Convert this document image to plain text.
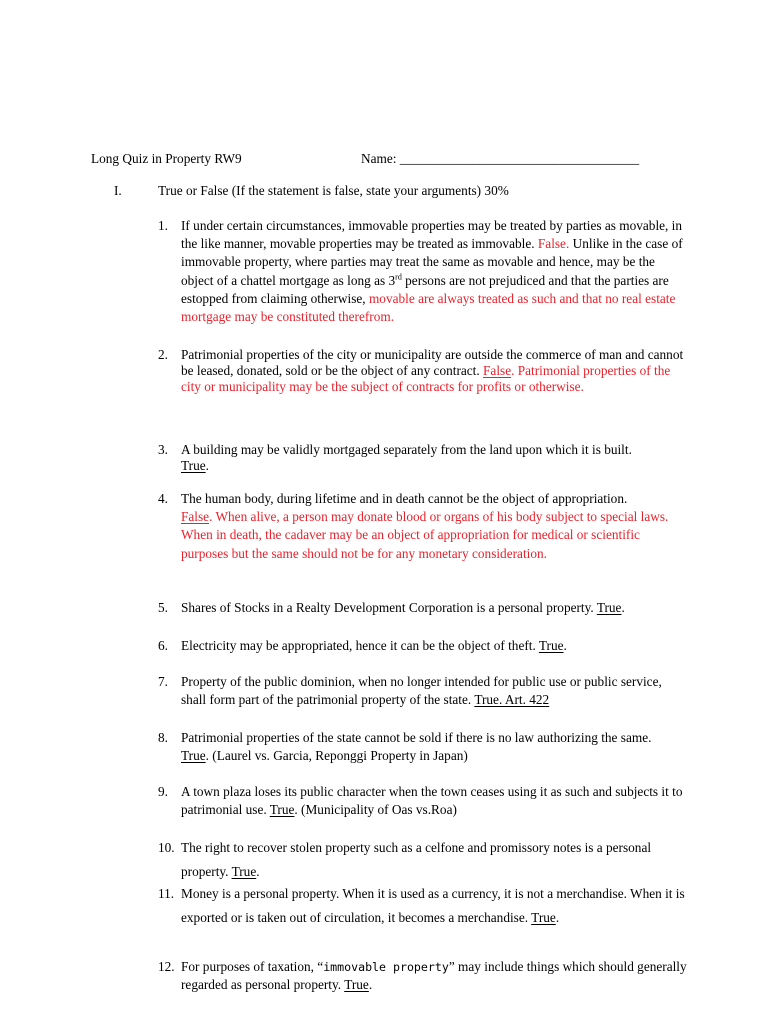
Long Quiz in Property RW9	Name: ____________________________________
I.	True or False (If the statement is false, state your arguments) 30%
1. If under certain circumstances, immovable properties may be treated by parties as movable, in the like manner, movable properties may be treated as immovable. False. Unlike in the case of immovable property, where parties may treat the same as movable and hence, may be the object of a chattel mortgage as long as 3rd persons are not prejudiced and that the parties are estopped from claiming otherwise, movable are always treated as such and that no real estate mortgage may be constituted therefrom.
2. Patrimonial properties of the city or municipality are outside the commerce of man and cannot be leased, donated, sold or be the object of any contract. False. Patrimonial properties of the city or municipality may be the subject of contracts for profits or otherwise.
3. A building may be validly mortgaged separately from the land upon which it is built.
True.
4. The human body, during lifetime and in death cannot be the object of appropriation.
False. When alive, a person may donate blood or organs of his body subject to special laws. When in death, the cadaver may be an object of appropriation for medical or scientific purposes but the same should not be for any monetary consideration.
5. Shares of Stocks in a Realty Development Corporation is a personal property. True.
6. Electricity may be appropriated, hence it can be the object of theft. True.
7. Property of the public dominion, when no longer intended for public use or public service, shall form part of the patrimonial property of the state. True. Art. 422
8. Patrimonial properties of the state cannot be sold if there is no law authorizing the same.
True. (Laurel vs. Garcia, Reponggi Property in Japan)
9. A town plaza loses its public character when the town ceases using it as such and subjects it to patrimonial use. True. (Municipality of Oas vs.Roa)
10. The right to recover stolen property such as a celfone and promissory notes is a personal property. True.
11. Money is a personal property. When it is used as a currency, it is not a merchandise. When it is exported or is taken out of circulation, it becomes a merchandise. True.
12. For purposes of taxation, “immovable property” may include things which should generally regarded as personal property. True.
